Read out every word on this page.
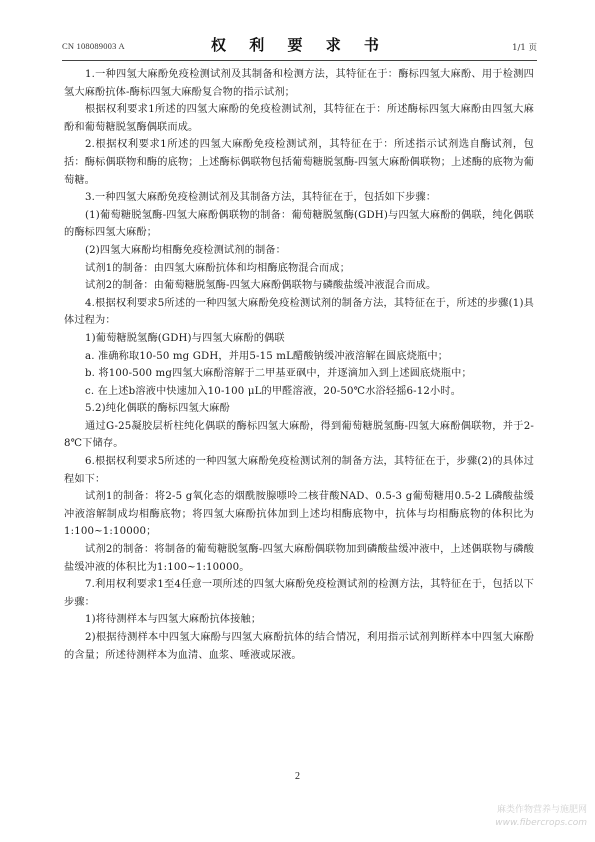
CN 108089003 A	权 利 要 求 书	1/1 页

1.一种四氢大麻酚免疫检测试剂及其制备和检测方法，其特征在于：酶标四氢大麻酚、用于检测四氢大麻酚抗体-酶标四氢大麻酚复合物的指示试剂；

根据权利要求1所述的四氢大麻酚的免疫检测试剂，其特征在于：所述酶标四氢大麻酚由四氢大麻酚和葡萄糖脱氢酶偶联而成。

2.根据权利要求1所述的四氢大麻酚免疫检测试剂，其特征在于：所述指示试剂选自酶试剂，包括：酶标偶联物和酶的底物；上述酶标偶联物包括葡萄糖脱氢酶-四氢大麻酚偶联物；上述酶的底物为葡萄糖。

3.一种四氢大麻酚免疫检测试剂及其制备方法，其特征在于，包括如下步骤：

(1)葡萄糖脱氢酶-四氢大麻酚偶联物的制备：葡萄糖脱氢酶(GDH)与四氢大麻酚的偶联，纯化偶联的酶标四氢大麻酚；

(2)四氢大麻酚均相酶免疫检测试剂的制备：

试剂1的制备：由四氢大麻酚抗体和均相酶底物混合而成；

试剂2的制备：由葡萄糖脱氢酶-四氢大麻酚偶联物与磷酸盐缓冲液混合而成。

4.根据权利要求5所述的一种四氢大麻酚免疫检测试剂的制备方法，其特征在于，所述的步骤(1)具体过程为：

1)葡萄糖脱氢酶(GDH)与四氢大麻酚的偶联

a. 准确称取10-50 mg GDH，并用5-15 mL醋酸钠缓冲液溶解在圆底烧瓶中；

b. 将100-500 mg四氢大麻酚溶解于二甲基亚砜中，并逐滴加入到上述圆底烧瓶中；

c. 在上述b溶液中快速加入10-100 μL的甲醛溶液，20-50℃水浴轻摇6-12小时。

5.2)纯化偶联的酶标四氢大麻酚

通过G-25凝胶层析柱纯化偶联的酶标四氢大麻酚，得到葡萄糖脱氢酶-四氢大麻酚偶联物，并于2-8℃下储存。

6.根据权利要求5所述的一种四氢大麻酚免疫检测试剂的制备方法，其特征在于，步骤(2)的具体过程如下：

试剂1的制备：将2-5 g氧化态的烟酰胺腺嘌呤二核苷酸NAD、0.5-3 g葡萄糖用0.5-2 L磷酸盐缓冲液溶解制成均相酶底物；将四氢大麻酚抗体加到上述均相酶底物中，抗体与均相酶底物的体积比为1:100~1:10000；

试剂2的制备：将制备的葡萄糖脱氢酶-四氢大麻酚偶联物加到磷酸盐缓冲液中，上述偶联物与磷酸盐缓冲液的体积比为1:100~1:10000。

7.利用权利要求1至4任意一项所述的四氢大麻酚免疫检测试剂的检测方法，其特征在于，包括以下步骤：

1)将待测样本与四氢大麻酚抗体接触；

2)根据待测样本中四氢大麻酚与四氢大麻酚抗体的结合情况，利用指示试剂判断样本中四氢大麻酚的含量；所述待测样本为血清、血浆、唾液或尿液。

2
麻类作物营养与施肥网
www.fibercrops.com
